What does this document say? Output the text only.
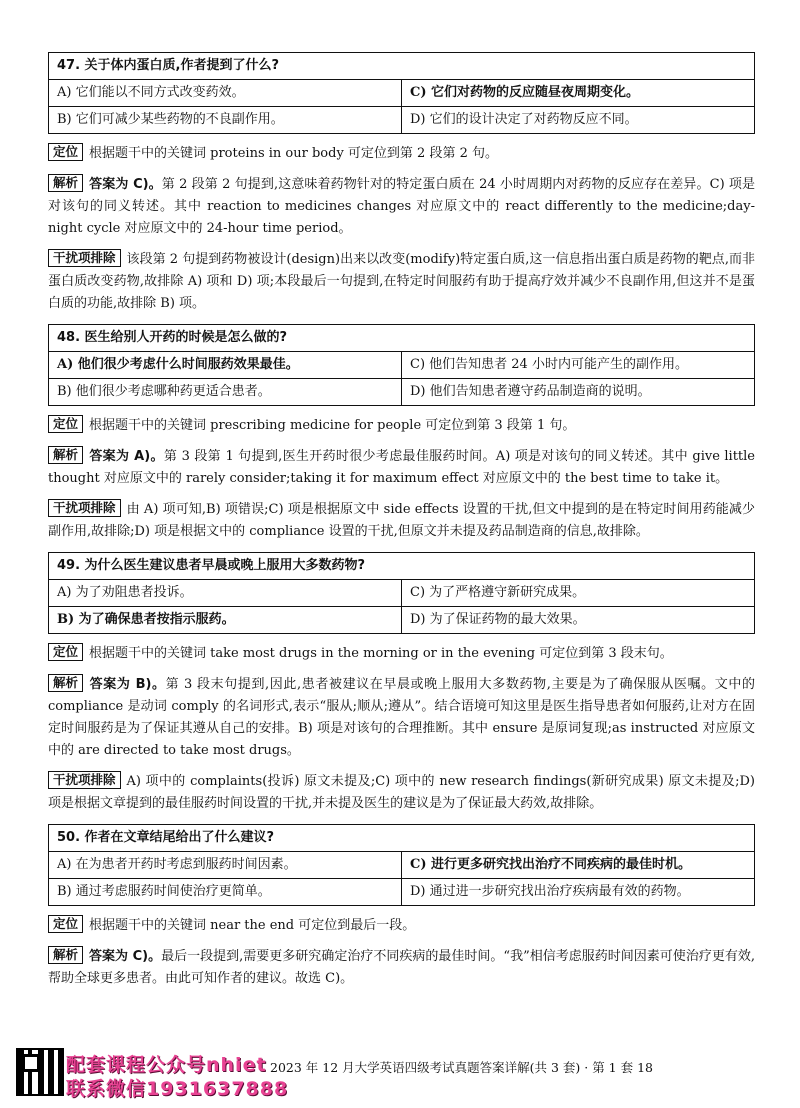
47. 关于体内蛋白质,作者提到了什么?	
A) 它们能以不同方式改变药效。	C) 它们对药物的反应随昼夜周期变化。
B) 它们可减少某些药物的不良副作用。	D) 它们的设计决定了对药物反应不同。
定位 根据题干中的关键词 proteins in our body 可定位到第 2 段第 2 句。
解析 答案为 C)。第 2 段第 2 句提到,这意味着药物针对的特定蛋白质在 24 小时周期内对药物的反应存在差异。C) 项是对该句的同义转述。其中 reaction to medicines changes 对应原文中的 react differently to the medicine;day-night cycle 对应原文中的 24-hour time period。
干扰项排除 该段第 2 句提到药物被设计(design)出来以改变(modify)特定蛋白质,这一信息指出蛋白质是药物的靶点,而非蛋白质改变药物,故排除 A) 项和 D) 项;本段最后一句提到,在特定时间服药有助于提高疗效并减少不良副作用,但这并不是蛋白质的功能,故排除 B) 项。
48. 医生给别人开药的时候是怎么做的?	
A) 他们很少考虑什么时间服药效果最佳。	C) 他们告知患者 24 小时内可能产生的副作用。
B) 他们很少考虑哪种药更适合患者。	D) 他们告知患者遵守药品制造商的说明。
定位 根据题干中的关键词 prescribing medicine for people 可定位到第 3 段第 1 句。
解析 答案为 A)。第 3 段第 1 句提到,医生开药时很少考虑最佳服药时间。A) 项是对该句的同义转述。其中 give little thought 对应原文中的 rarely consider;taking it for maximum effect 对应原文中的 the best time to take it。
干扰项排除 由 A) 项可知,B) 项错误;C) 项是根据原文中 side effects 设置的干扰,但文中提到的是在特定时间用药能减少副作用,故排除;D) 项是根据文中的 compliance 设置的干扰,但原文并未提及药品制造商的信息,故排除。
49. 为什么医生建议患者早晨或晚上服用大多数药物?	
A) 为了劝阻患者投诉。	C) 为了严格遵守新研究成果。
B) 为了确保患者按指示服药。	D) 为了保证药物的最大效果。
定位 根据题干中的关键词 take most drugs in the morning or in the evening 可定位到第 3 段末句。
解析 答案为 B)。第 3 段末句提到,因此,患者被建议在早晨或晚上服用大多数药物,主要是为了确保服从医嘱。文中的 compliance 是动词 comply 的名词形式,表示“服从;顺从;遵从”。结合语境可知这里是医生指导患者如何服药,让对方在固定时间服药是为了保证其遵从自己的安排。B) 项是对该句的合理推断。其中 ensure 是原词复现;as instructed 对应原文中的 are directed to take most drugs。
干扰项排除 A) 项中的 complaints(投诉) 原文未提及;C) 项中的 new research findings(新研究成果) 原文未提及;D) 项是根据文章提到的最佳服药时间设置的干扰,并未提及医生的建议是为了保证最大药效,故排除。
50. 作者在文章结尾给出了什么建议?	
A) 在为患者开药时考虑到服药时间因素。	C) 进行更多研究找出治疗不同疾病的最佳时机。
B) 通过考虑服药时间使治疗更简单。	D) 通过进一步研究找出治疗疾病最有效的药物。
定位 根据题干中的关键词 near the end 可定位到最后一段。
解析 答案为 C)。最后一段提到,需要更多研究确定治疗不同疾病的最佳时间。“我”相信考虑服药时间因素可使治疗更有效,帮助全球更多患者。由此可知作者的建议。故选 C)。
配套课程公众号nhiet
联系微信1931637888
2023 年 12 月大学英语四级考试真题答案详解(共 3 套) · 第 1 套 18
